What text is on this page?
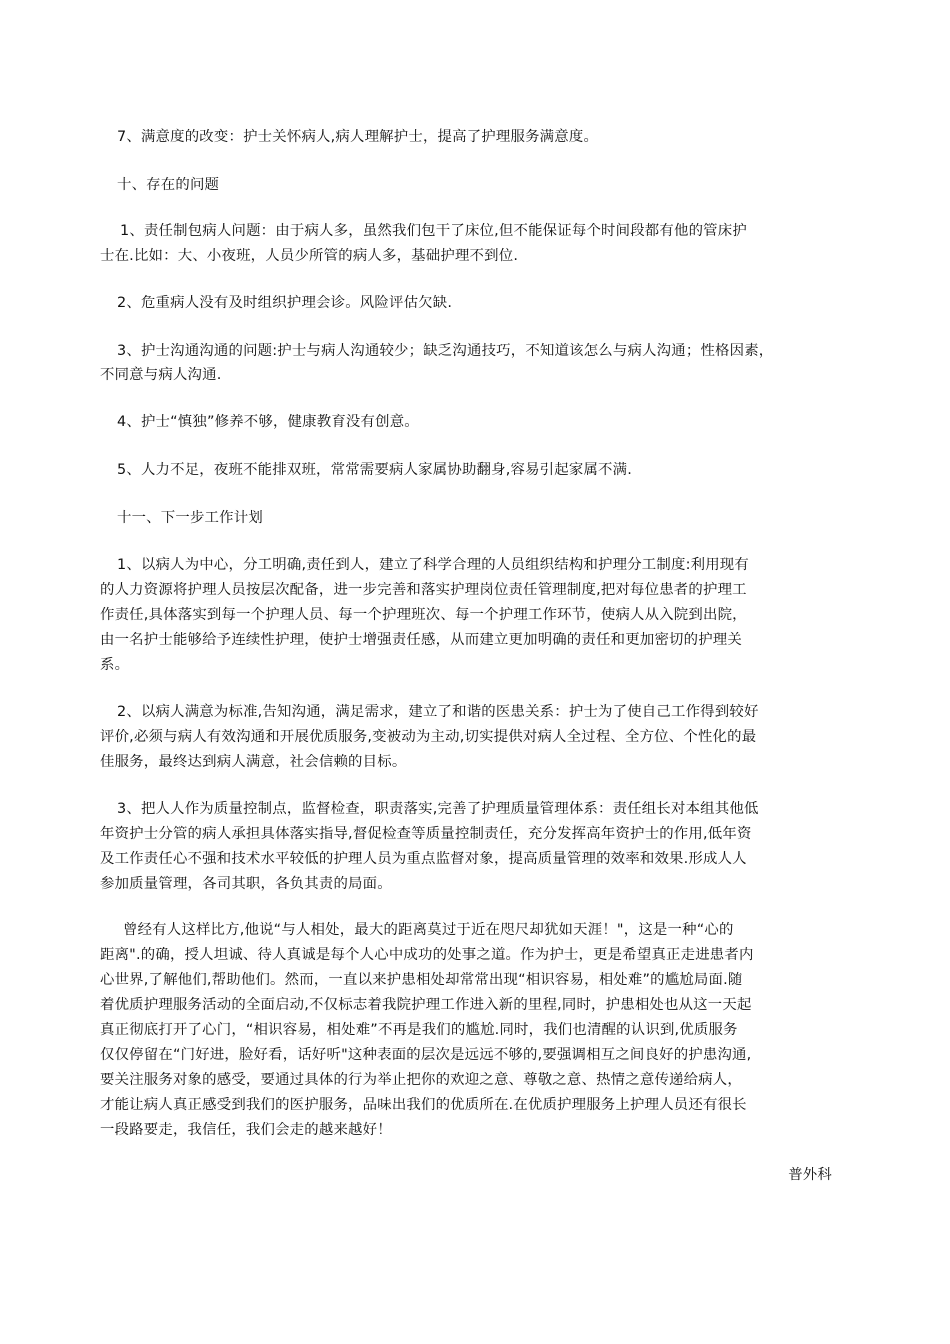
7、满意度的改变：护士关怀病人,病人理解护士，提高了护理服务满意度。
十、存在的问题
1、责任制包病人问题：由于病人多，虽然我们包干了床位,但不能保证每个时间段都有他的管床护
士在.比如：大、小夜班，人员少所管的病人多，基础护理不到位.
2、危重病人没有及时组织护理会诊。风险评估欠缺.
3、护士沟通沟通的问题:护士与病人沟通较少；缺乏沟通技巧，不知道该怎么与病人沟通；性格因素，
不同意与病人沟通.
4、护士“慎独”修养不够，健康教育没有创意。
5、人力不足，夜班不能排双班，常常需要病人家属协助翻身,容易引起家属不满.
十一、下一步工作计划
1、以病人为中心，分工明确,责任到人，建立了科学合理的人员组织结构和护理分工制度:利用现有
的人力资源将护理人员按层次配备，进一步完善和落实护理岗位责任管理制度,把对每位患者的护理工
作责任,具体落实到每一个护理人员、每一个护理班次、每一个护理工作环节，使病人从入院到出院，
由一名护士能够给予连续性护理，使护士增强责任感，从而建立更加明确的责任和更加密切的护理关
系。
2、以病人满意为标准,告知沟通，满足需求，建立了和谐的医患关系：护士为了使自己工作得到较好
评价,必须与病人有效沟通和开展优质服务,变被动为主动,切实提供对病人全过程、全方位、个性化的最
佳服务，最终达到病人满意，社会信赖的目标。
3、把人人作为质量控制点，监督检查，职责落实,完善了护理质量管理体系：责任组长对本组其他低
年资护士分管的病人承担具体落实指导,督促检查等质量控制责任，充分发挥高年资护士的作用,低年资
及工作责任心不强和技术水平较低的护理人员为重点监督对象，提高质量管理的效率和效果.形成人人
参加质量管理，各司其职，各负其责的局面。
曾经有人这样比方,他说“与人相处，最大的距离莫过于近在咫尺却犹如天涯！"，这是一种“心的
距离".的确，授人坦诚、待人真诚是每个人心中成功的处事之道。作为护士，更是希望真正走进患者内
心世界,了解他们,帮助他们。然而，一直以来护患相处却常常出现“相识容易，相处难”的尴尬局面.随
着优质护理服务活动的全面启动,不仅标志着我院护理工作进入新的里程,同时，护患相处也从这一天起
真正彻底打开了心门，“相识容易，相处难”不再是我们的尴尬.同时，我们也清醒的认识到,优质服务
仅仅停留在“门好进，脸好看，话好听"这种表面的层次是远远不够的,要强调相互之间良好的护患沟通,
要关注服务对象的感受，要通过具体的行为举止把你的欢迎之意、尊敬之意、热情之意传递给病人，
才能让病人真正感受到我们的医护服务，品味出我们的优质所在.在优质护理服务上护理人员还有很长
一段路要走，我信任，我们会走的越来越好！
普外科
